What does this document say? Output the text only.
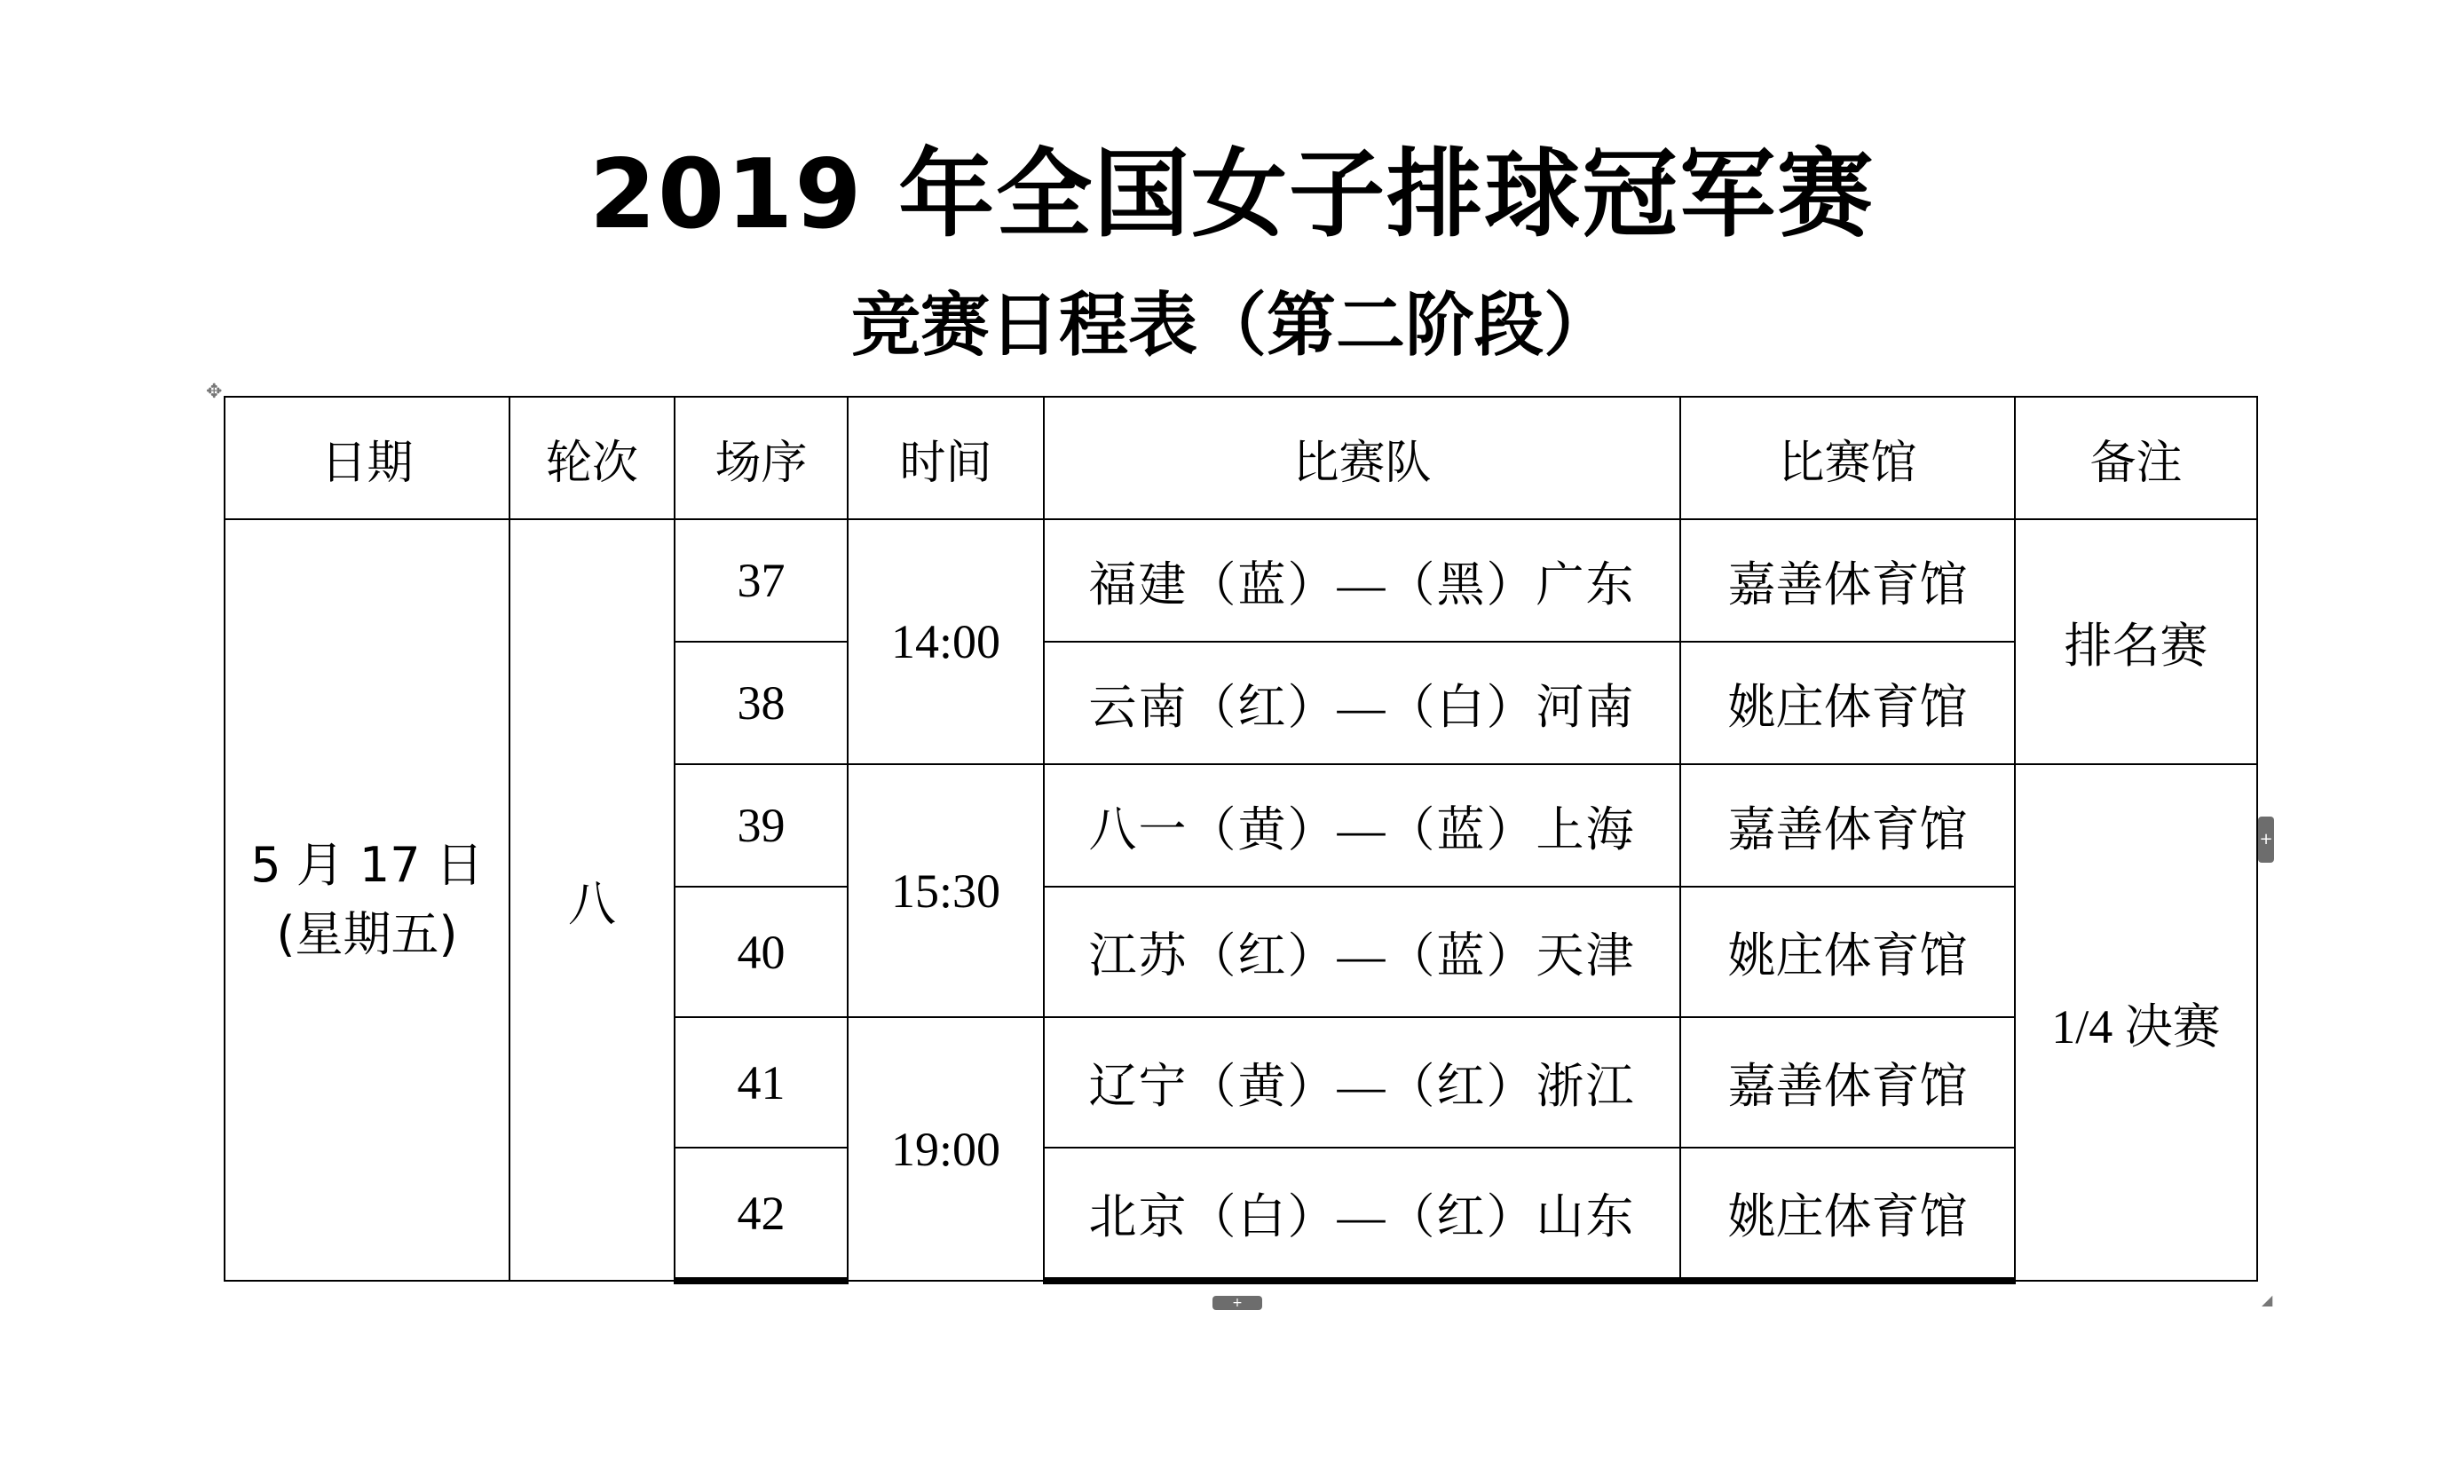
2019 年全国女子排球冠军赛
竞赛日程表（第二阶段）
✥
日期	轮次	场序	时间	比赛队	比赛馆	备注

5 月 17 日
(星期五)	八	37	14:00	福建（蓝）—（黑）广东	嘉善体育馆	排名赛
		38		云南（红）—（白）河南	姚庄体育馆	
		39	15:30	八一（黄）—（蓝）上海	嘉善体育馆	1/4 决赛
		40		江苏（红）—（蓝）天津	姚庄体育馆	
		41	19:00	辽宁（黄）—（红）浙江	嘉善体育馆	
		42		北京（白）—（红）山东	姚庄体育馆	
+
+	◢
